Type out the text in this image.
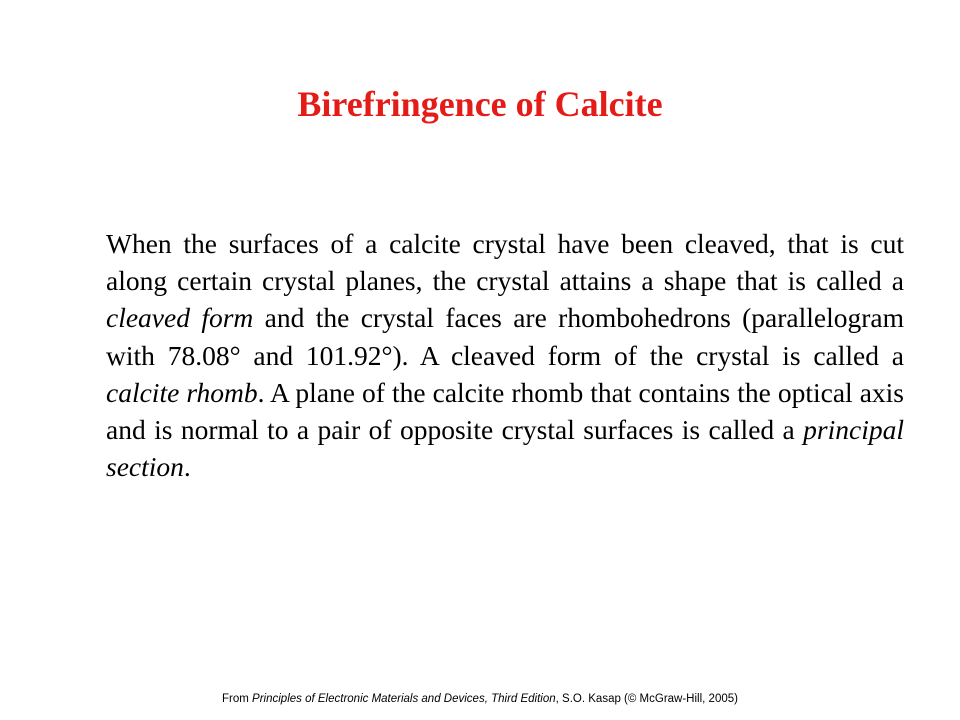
Birefringence of Calcite

When the surfaces of a calcite crystal have been cleaved, that is cut along certain crystal planes, the crystal attains a shape that is called a cleaved form and the crystal faces are rhombohedrons (parallelogram with 78.08° and 101.92°). A cleaved form of the crystal is called a calcite rhomb. A plane of the calcite rhomb that contains the optical axis and is normal to a pair of opposite crystal surfaces is called a principal section.

From Principles of Electronic Materials and Devices, Third Edition, S.O. Kasap (© McGraw-Hill, 2005)
